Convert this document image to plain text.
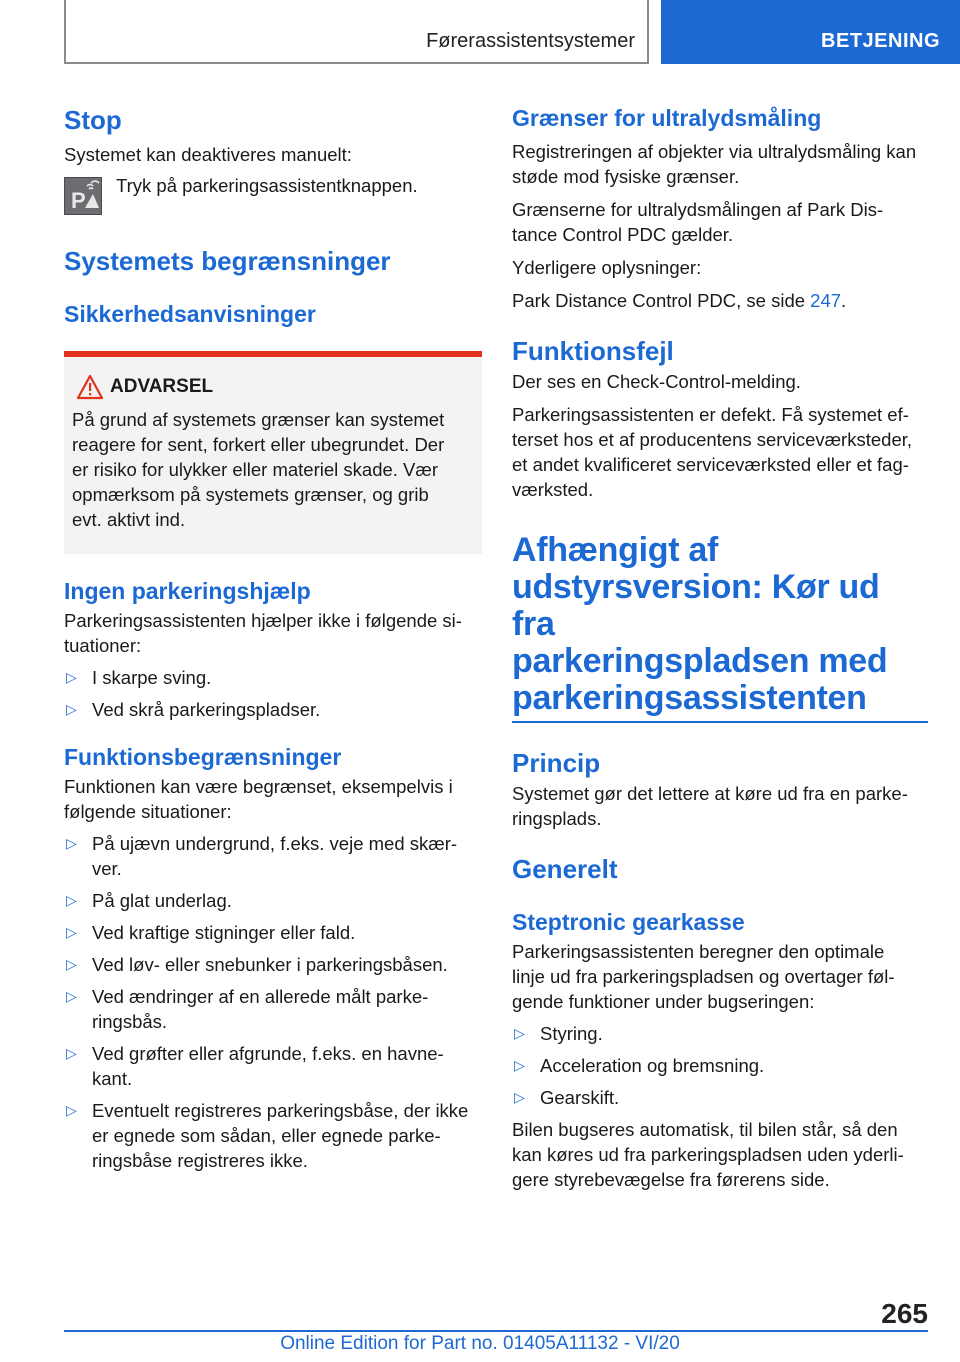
Førerassistentsystemer	BETJENING
Stop
Systemet kan deaktiveres manuelt:
P
Tryk på parkeringsassistentknappen.
Systemets begrænsninger
Sikkerhedsanvisninger
ADVARSEL
På grund af systemets grænser kan systemet
reagere for sent, forkert eller ubegrundet. Der
er risiko for ulykker eller materiel skade. Vær
opmærksom på systemets grænser, og grib
evt. aktivt ind.
Ingen parkeringshjælp
Parkeringsassistenten hjælper ikke i følgende si-
tuationer:
▷ I skarpe sving.
▷ Ved skrå parkeringspladser.
Funktionsbegrænsninger
Funktionen kan være begrænset, eksempelvis i
følgende situationer:
▷ På ujævn undergrund, f.eks. veje med skær-
ver.
▷ På glat underlag.
▷ Ved kraftige stigninger eller fald.
▷ Ved løv- eller snebunker i parkeringsbåsen.
▷ Ved ændringer af en allerede målt parke-
ringsbås.
▷ Ved grøfter eller afgrunde, f.eks. en havne-
kant.
▷ Eventuelt registreres parkeringsbåse, der ikke
er egnede som sådan, eller egnede parke-
ringsbåse registreres ikke.
Grænser for ultralydsmåling
Registreringen af objekter via ultralydsmåling kan
støde mod fysiske grænser.
Grænserne for ultralydsmålingen af Park Dis-
tance Control PDC gælder.
Yderligere oplysninger:
Park Distance Control PDC, se side 247.
Funktionsfejl
Der ses en Check-Control-melding.
Parkeringsassistenten er defekt. Få systemet ef-
terset hos et af producentens serviceværksteder,
et andet kvalificeret serviceværksted eller et fag-
værksted.
Afhængigt af
udstyrsversion: Kør ud fra
parkeringspladsen med
parkeringsassistenten
Princip
Systemet gør det lettere at køre ud fra en parke-
ringsplads.
Generelt
Steptronic gearkasse
Parkeringsassistenten beregner den optimale
linje ud fra parkeringspladsen og overtager føl-
gende funktioner under bugseringen:
▷ Styring.
▷ Acceleration og bremsning.
▷ Gearskift.
Bilen bugseres automatisk, til bilen står, så den
kan køres ud fra parkeringspladsen uden yderli-
gere styrebevægelse fra førerens side.
265
Online Edition for Part no. 01405A11132 - VI/20
